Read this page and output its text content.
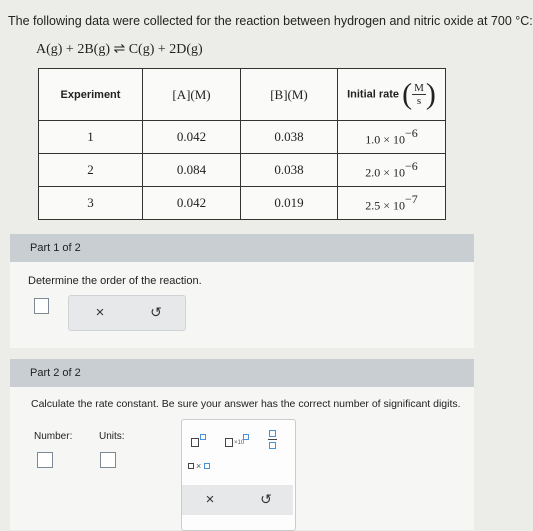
The following data were collected for the reaction between hydrogen and nitric oxide at 700 °C:
A(g) + 2B(g) ⇌ C(g) + 2D(g)
Experiment	[A](M)	[B](M)	Initial rate ( $\frac{M}{s}$)
1	0.042	0.038	$1.0 \times 10^{-6}$
2	0.084	0.038	$2.0 \times 10^{-6}$
3	0.042	0.019	$2.5 \times 10^{-7}$
Part 1 of 2
Determine the order of the reaction.
×	↺
Part 2 of 2
Calculate the rate constant. Be sure your answer has the correct number of significant digits.
Number:	Units:
×10
×
×	↺
